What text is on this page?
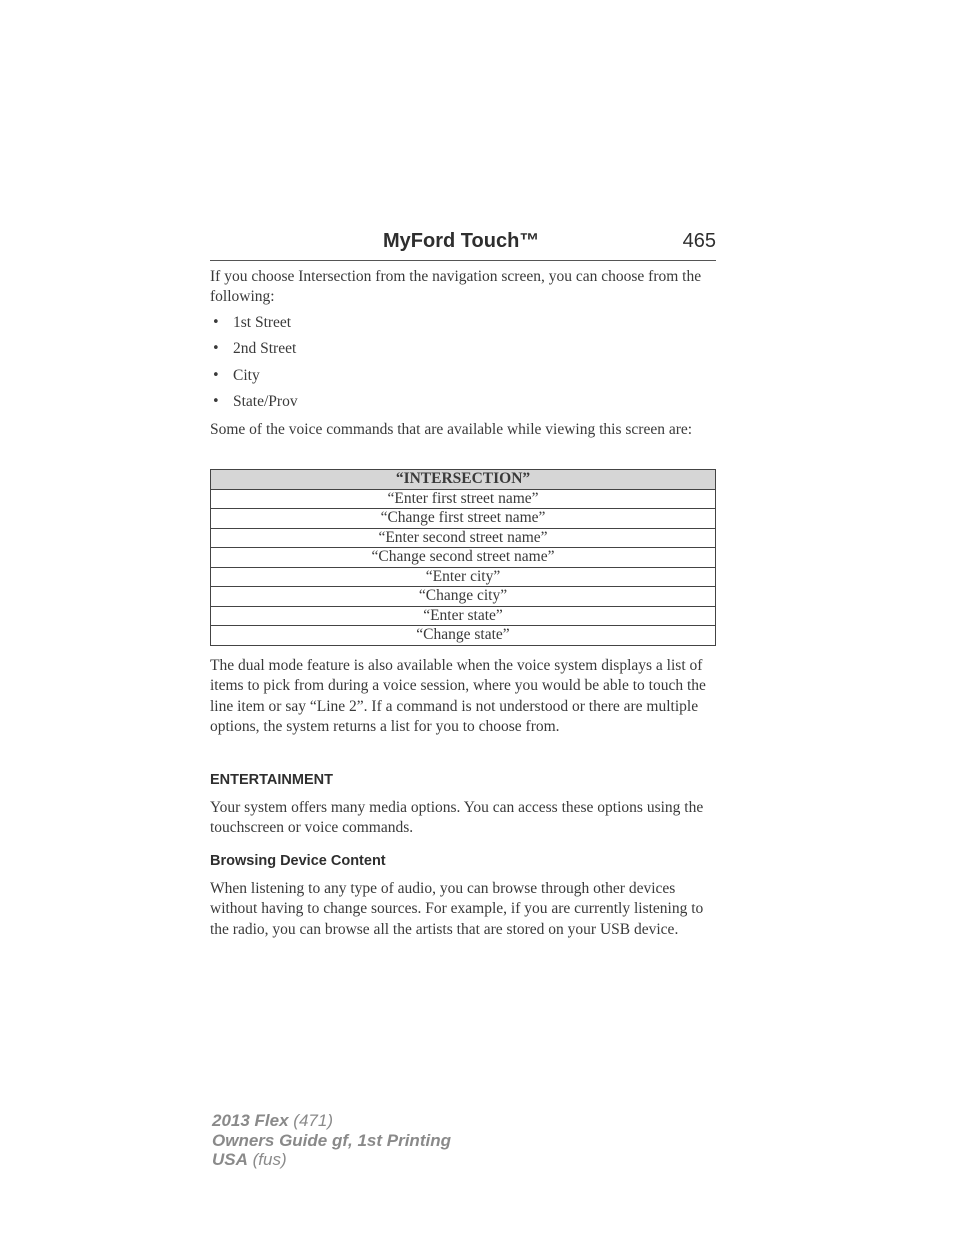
MyFord Touch™	465

If you choose Intersection from the navigation screen, you can choose from the following:

• 1st Street
• 2nd Street
• City
• State/Prov

Some of the voice commands that are available while viewing this screen are:

“INTERSECTION”
“Enter first street name”
“Change first street name”
“Enter second street name”
“Change second street name”
“Enter city”
“Change city”
“Enter state”
“Change state”

The dual mode feature is also available when the voice system displays a list of items to pick from during a voice session, where you would be able to touch the line item or say “Line 2”. If a command is not understood or there are multiple options, the system returns a list for you to choose from.

ENTERTAINMENT

Your system offers many media options. You can access these options using the touchscreen or voice commands.

Browsing Device Content

When listening to any type of audio, you can browse through other devices without having to change sources. For example, if you are currently listening to the radio, you can browse all the artists that are stored on your USB device.

2013 Flex (471)
Owners Guide gf, 1st Printing
USA (fus)
